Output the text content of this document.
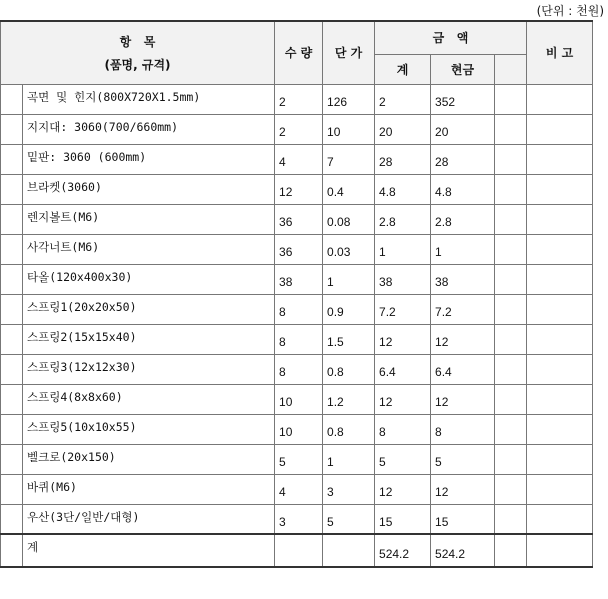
(단위 : 천원)
항   목
(품명, 규격)		수 량	단 가	금   액			비 고
				계	현금		
	곡면 및 힌지(800X720X1.5mm)	2	126	2	352		
	지지대: 3060(700/660mm)	2	10	20	20		
	밑판: 3060 (600mm)	4	7	28	28		
	브라켓(3060)	12	0.4	4.8	4.8		
	렌지볼트(M6)	36	0.08	2.8	2.8		
	사각너트(M6)	36	0.03	1	1		
	타올(120x400x30)	38	1	38	38		
	스프링1(20x20x50)	8	0.9	7.2	7.2		
	스프링2(15x15x40)	8	1.5	12	12		
	스프링3(12x12x30)	8	0.8	6.4	6.4		
	스프링4(8x8x60)	10	1.2	12	12		
	스프링5(10x10x55)	10	0.8	8	8		
	벨크로(20x150)	5	1	5	5		
	바퀴(M6)	4	3	12	12		
	우산(3단/일반/대형)	3	5	15	15		
	계			524.2	524.2		
